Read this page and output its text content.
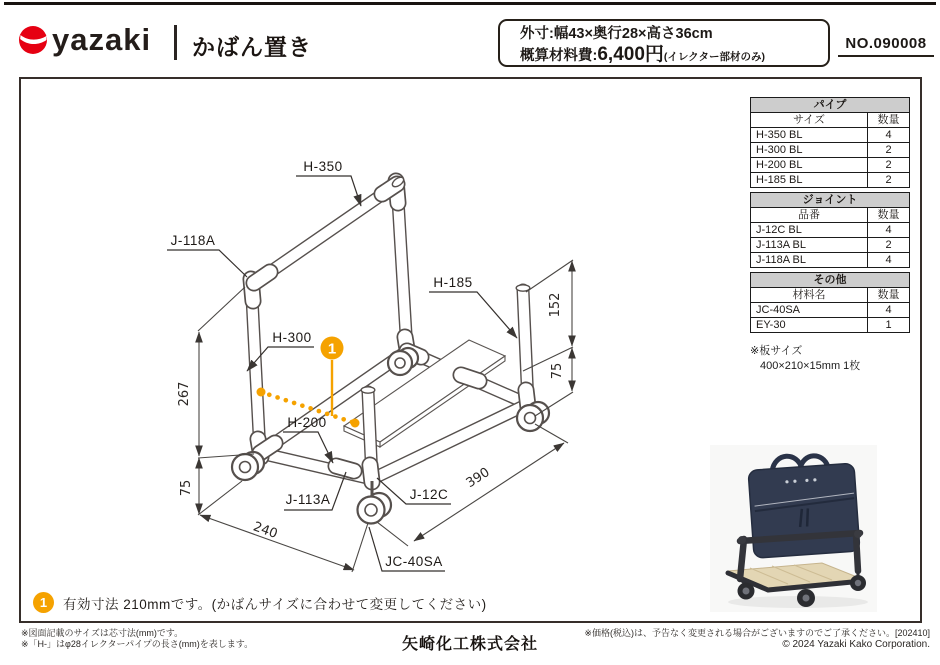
yazaki かばん置き	外寸:幅43×奥行28×高さ36cm
概算材料費:6,400円(イレクター部材のみ)
NO.090008
267
75
240
390
152
75
H-350
J-118A
H-185
H-300
H-200
J-113A	J-12C
JC-40SA
1
パイプ	
サイズ	数量
H-350 BL	4
H-300 BL	2
H-200 BL	2
H-185 BL	2
ジョイント	
品番	数量
J-12C BL	4
J-113A BL	2
J-118A BL	4
その他	
材料名	数量
JC-40SA	4
EY-30	1
※板サイズ
400×210×15mm 1枚
1	有効寸法 210mmです。(かばんサイズに合わせて変更してください)
※図面記載のサイズは芯寸法(mm)です。
※「H-」はφ28イレクターパイプの長さ(mm)を表します。	矢崎化工株式会社
※価格(税込)は、予告なく変更される場合がございますのでご了承ください。[202410]
© 2024 Yazaki Kako Corporation.
